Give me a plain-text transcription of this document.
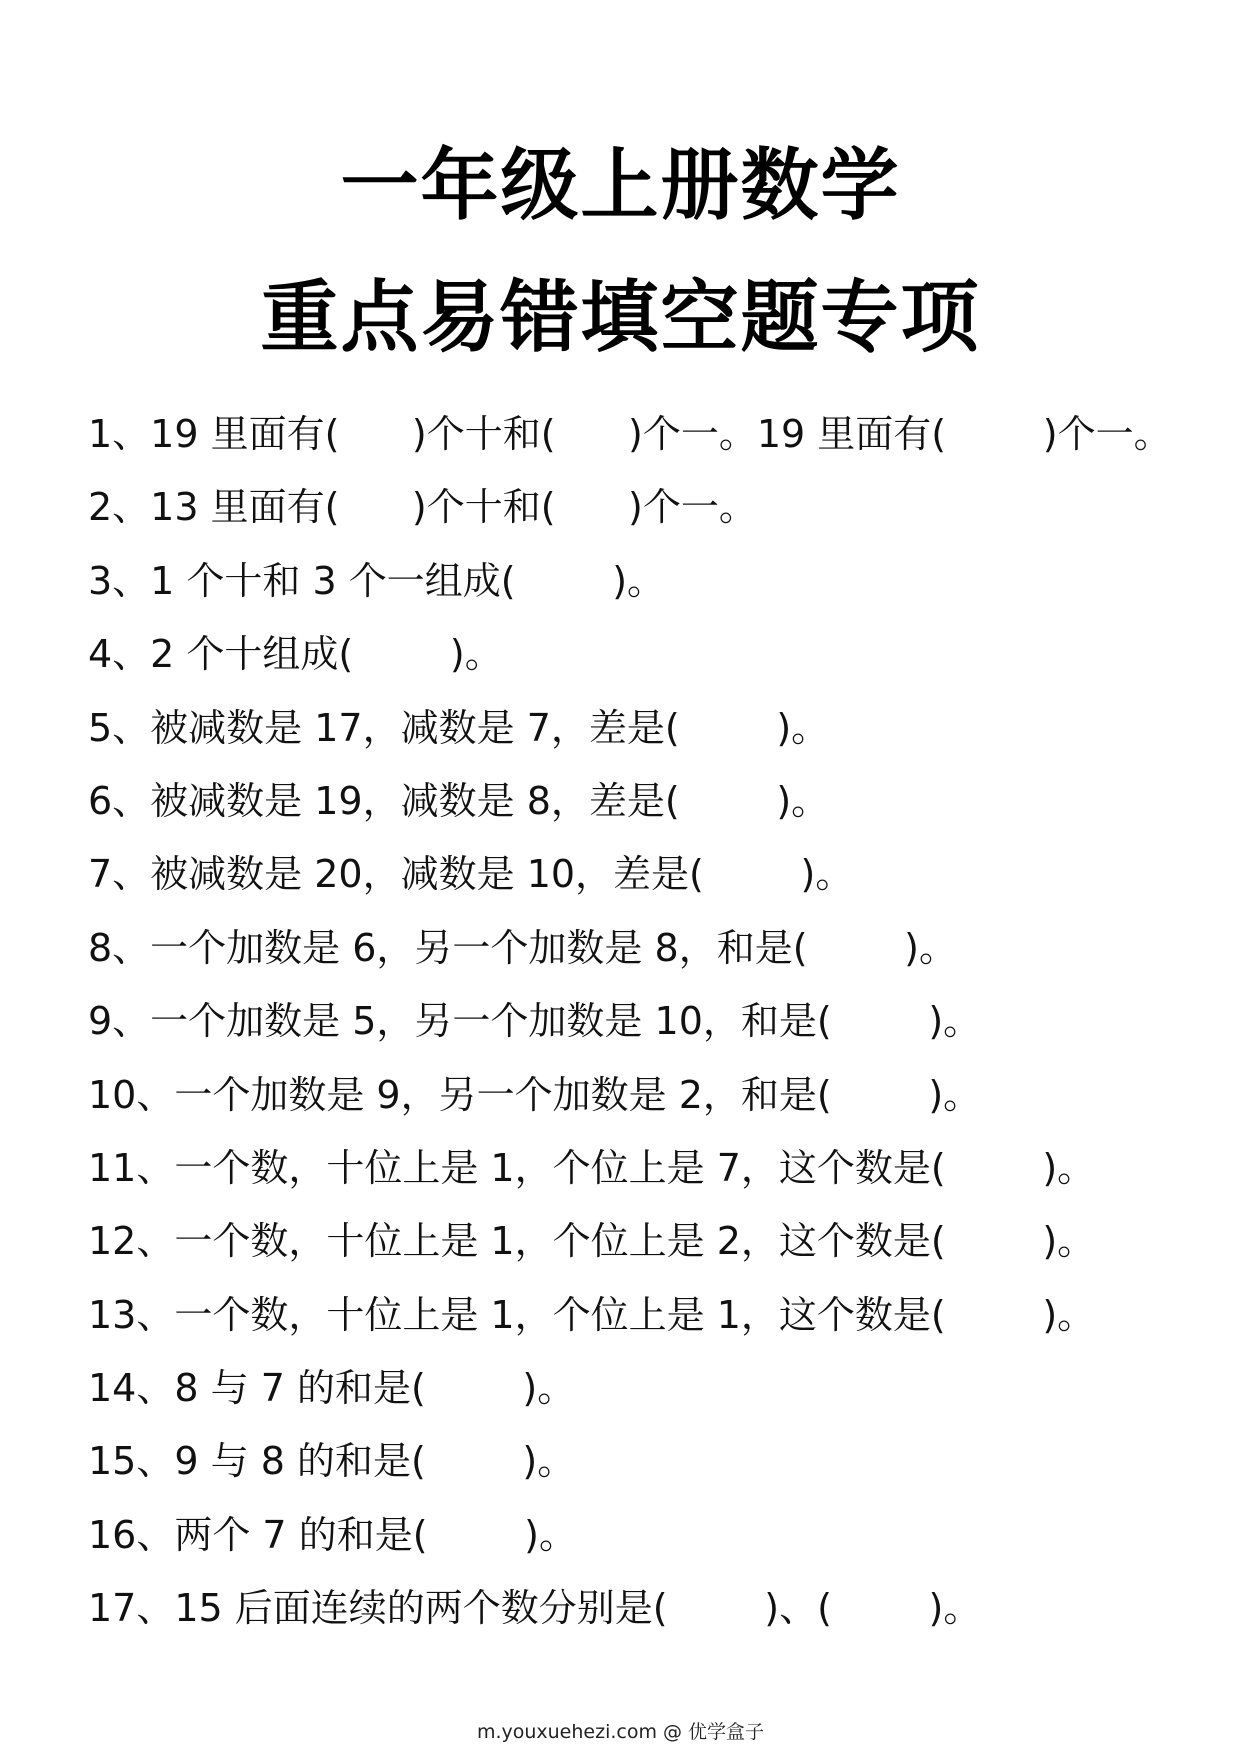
一年级上册数学
重点易错填空题专项
1、19 里面有(      )个十和(      )个一。19 里面有(        )个一。
2、13 里面有(      )个十和(      )个一。
3、1 个十和 3 个一组成(        )。
4、2 个十组成(        )。
5、被减数是 17，减数是 7，差是(        )。
6、被减数是 19，减数是 8，差是(        )。
7、被减数是 20，减数是 10，差是(        )。
8、一个加数是 6，另一个加数是 8，和是(        )。
9、一个加数是 5，另一个加数是 10，和是(        )。
10、一个加数是 9，另一个加数是 2，和是(        )。
11、一个数，十位上是 1，个位上是 7，这个数是(        )。
12、一个数，十位上是 1，个位上是 2，这个数是(        )。
13、一个数，十位上是 1，个位上是 1，这个数是(        )。
14、8 与 7 的和是(        )。
15、9 与 8 的和是(        )。
16、两个 7 的和是(        )。
17、15 后面连续的两个数分别是(        )、(        )。
m.youxuehezi.com @ 优学盒子
